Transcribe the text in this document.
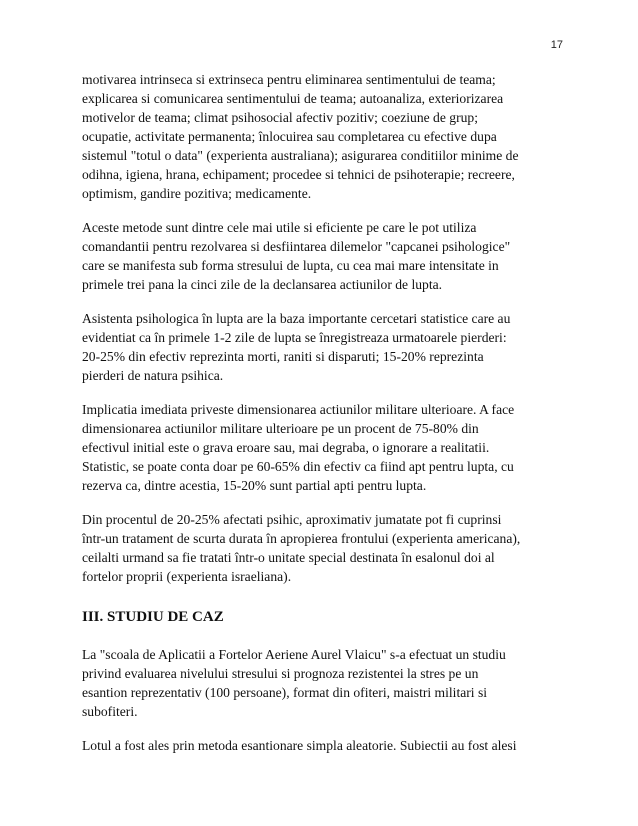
17
motivarea intrinseca si extrinseca pentru eliminarea sentimentului de teama;
explicarea si comunicarea sentimentului de teama; autoanaliza, exteriorizarea
motivelor de teama; climat psihosocial afectiv pozitiv; coeziune de grup;
ocupatie, activitate permanenta; înlocuirea sau completarea cu efective dupa
sistemul "totul o data" (experienta australiana); asigurarea conditiilor minime de
odihna, igiena, hrana, echipament; procedee si tehnici de psihoterapie; recreere,
optimism, gandire pozitiva; medicamente.
Aceste metode sunt dintre cele mai utile si eficiente pe care le pot utiliza
comandantii pentru rezolvarea si desfiintarea dilemelor "capcanei psihologice"
care se manifesta sub forma stresului de lupta, cu cea mai mare intensitate in
primele trei pana la cinci zile de la declansarea actiunilor de lupta.
Asistenta psihologica în lupta are la baza importante cercetari statistice care au
evidentiat ca în primele 1-2 zile de lupta se înregistreaza urmatoarele pierderi:
20-25% din efectiv reprezinta morti, raniti si disparuti; 15-20% reprezinta
pierderi de natura psihica.
Implicatia imediata priveste dimensionarea actiunilor militare ulterioare. A face
dimensionarea actiunilor militare ulterioare pe un procent de 75-80% din
efectivul initial este o grava eroare sau, mai degraba, o ignorare a realitatii.
Statistic, se poate conta doar pe 60-65% din efectiv ca fiind apt pentru lupta, cu
rezerva ca, dintre acestia, 15-20% sunt partial apti pentru lupta.
Din procentul de 20-25% afectati psihic, aproximativ jumatate pot fi cuprinsi
într-un tratament de scurta durata în apropierea frontului (experienta americana),
ceilalti urmand sa fie tratati într-o unitate special destinata în esalonul doi al
fortelor proprii (experienta israeliana).
III. STUDIU DE CAZ
La "scoala de Aplicatii a Fortelor Aeriene Aurel Vlaicu" s-a efectuat un studiu
privind evaluarea nivelului stresului si prognoza rezistentei la stres pe un
esantion reprezentativ (100 persoane), format din ofiteri, maistri militari si
subofiteri.
Lotul a fost ales prin metoda esantionare simpla aleatorie. Subiectii au fost alesi
